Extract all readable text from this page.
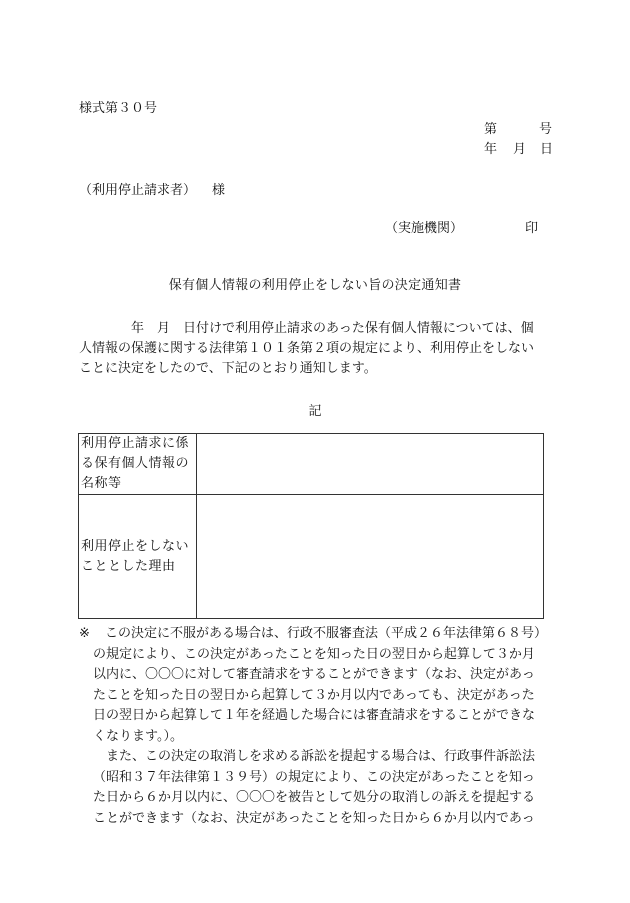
様式第３０号
第	号
年 月 日
（利用停止請求者） 様
（実施機関）	印
保有個人情報の利用停止をしない旨の決定通知書
　　　　年　月　日付けで利用停止請求のあった保有個人情報については、個
人情報の保護に関する法律第１０１条第２項の規定により、利用停止をしない
ことに決定をしたので、下記のとおり通知します。
記
利用停止請求に係
る保有個人情報の
名称等	

利用停止をしない
こととした理由	

※ この決定に不服がある場合は、行政不服審査法（平成２６年法律第６８号）
の規定により、この決定があったことを知った日の翌日から起算して３か月
以内に、〇〇〇に対して審査請求をすることができます（なお、決定があっ
たことを知った日の翌日から起算して３か月以内であっても、決定があった
日の翌日から起算して１年を経過した場合には審査請求をすることができな
くなります。）。
　また、この決定の取消しを求める訴訟を提起する場合は、行政事件訴訟法
（昭和３７年法律第１３９号）の規定により、この決定があったことを知っ
た日から６か月以内に、〇〇〇を被告として処分の取消しの訴えを提起する
ことができます（なお、決定があったことを知った日から６か月以内であっ
